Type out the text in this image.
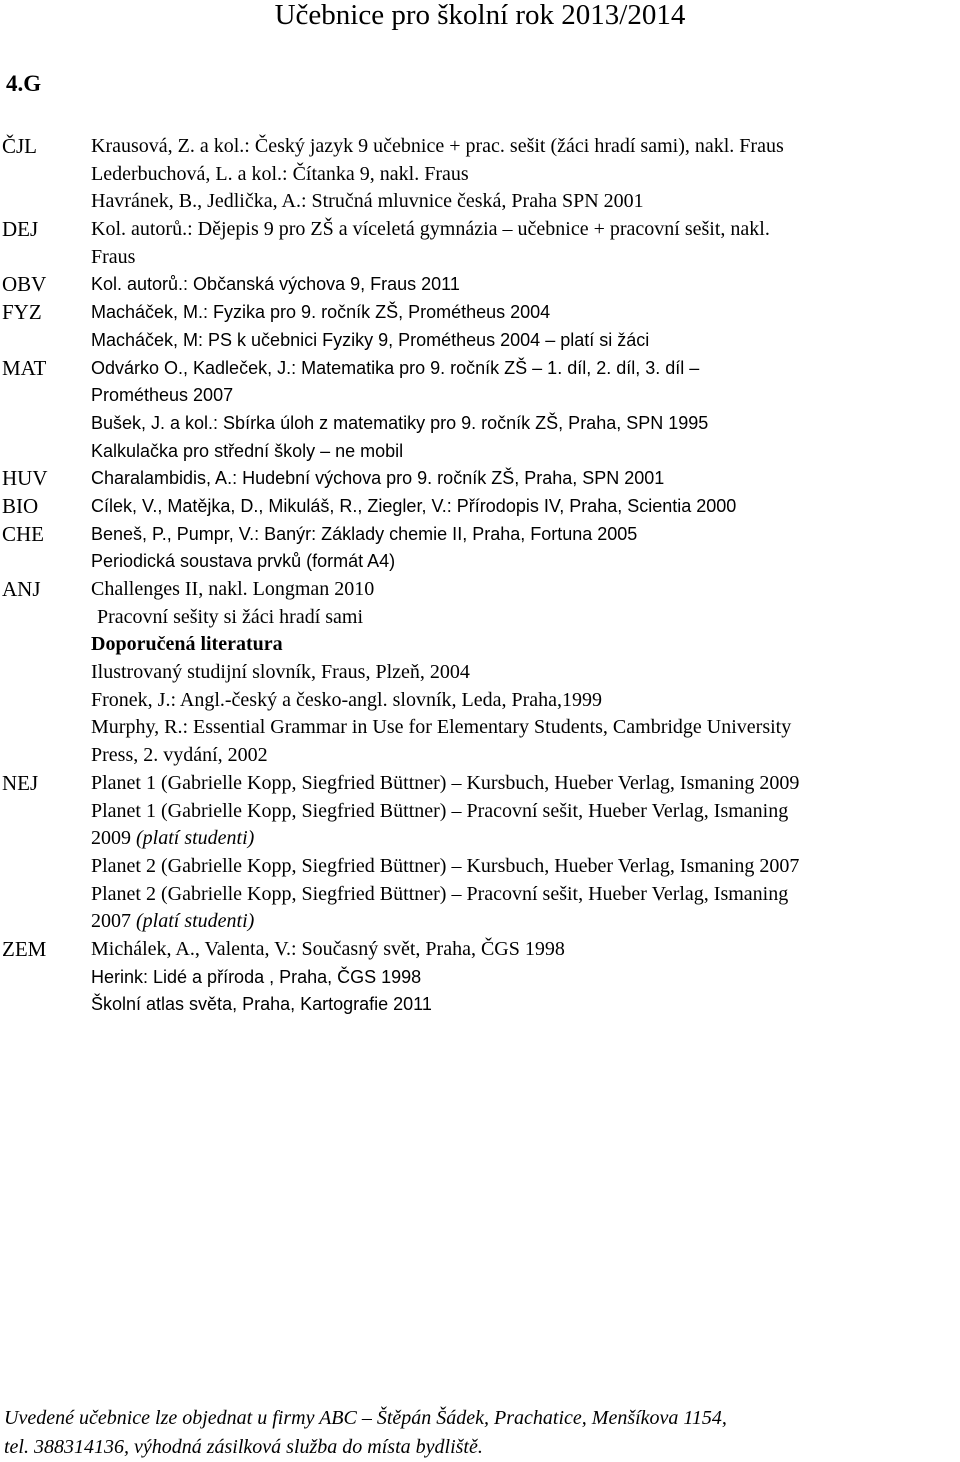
Učebnice pro školní rok 2013/2014
4.G
ČJL	Krausová, Z. a kol.: Český jazyk 9 učebnice + prac. sešit (žáci hradí sami), nakl. Fraus
Lederbuchová, L. a kol.: Čítanka 9, nakl. Fraus
Havránek, B., Jedlička, A.: Stručná mluvnice česká, Praha SPN 2001
DEJ	Kol. autorů.: Dějepis 9 pro ZŠ a víceletá gymnázia – učebnice + pracovní sešit, nakl.
Fraus
OBV Kol. autorů.: Občanská výchova 9, Fraus 2011
FYZ	Macháček, M.: Fyzika pro 9. ročník ZŠ, Prométheus 2004
Macháček, M: PS k učebnici Fyziky 9, Prométheus 2004 – platí si žáci
MAT Odvárko O., Kadleček, J.: Matematika pro 9. ročník ZŠ – 1. díl, 2. díl, 3. díl –
Prométheus 2007
Bušek, J. a kol.: Sbírka úloh z matematiky pro 9. ročník ZŠ, Praha, SPN 1995
Kalkulačka pro střední školy – ne mobil
HUV Charalambidis, A.: Hudební výchova pro 9. ročník ZŠ, Praha, SPN 2001
BIO	Cílek, V., Matějka, D., Mikuláš, R., Ziegler, V.: Přírodopis IV, Praha, Scientia 2000
CHE	Beneš, P., Pumpr, V.: Banýr: Základy chemie II, Praha, Fortuna 2005
Periodická soustava prvků (formát A4)
ANJ	Challenges II, nakl. Longman 2010
Pracovní sešity si žáci hradí sami
Doporučená literatura
Ilustrovaný studijní slovník, Fraus, Plzeň, 2004
Fronek, J.: Angl.-český a česko-angl. slovník, Leda, Praha,1999
Murphy, R.: Essential Grammar in Use for Elementary Students, Cambridge University
Press, 2. vydání, 2002
NEJ	Planet 1 (Gabrielle Kopp, Siegfried Büttner) – Kursbuch, Hueber Verlag, Ismaning 2009
Planet 1 (Gabrielle Kopp, Siegfried Büttner) – Pracovní sešit, Hueber Verlag, Ismaning
2009 (platí studenti)
Planet 2 (Gabrielle Kopp, Siegfried Büttner) – Kursbuch, Hueber Verlag, Ismaning 2007
Planet 2 (Gabrielle Kopp, Siegfried Büttner) – Pracovní sešit, Hueber Verlag, Ismaning
2007 (platí studenti)
ZEM Michálek, A., Valenta, V.: Současný svět, Praha, ČGS 1998
Herink: Lidé a příroda , Praha, ČGS 1998
Školní atlas světa, Praha, Kartografie 2011
Uvedené učebnice lze objednat u firmy ABC – Štěpán Šádek, Prachatice, Menšíkova 1154,
tel. 388314136, výhodná zásilková služba do místa bydliště.
